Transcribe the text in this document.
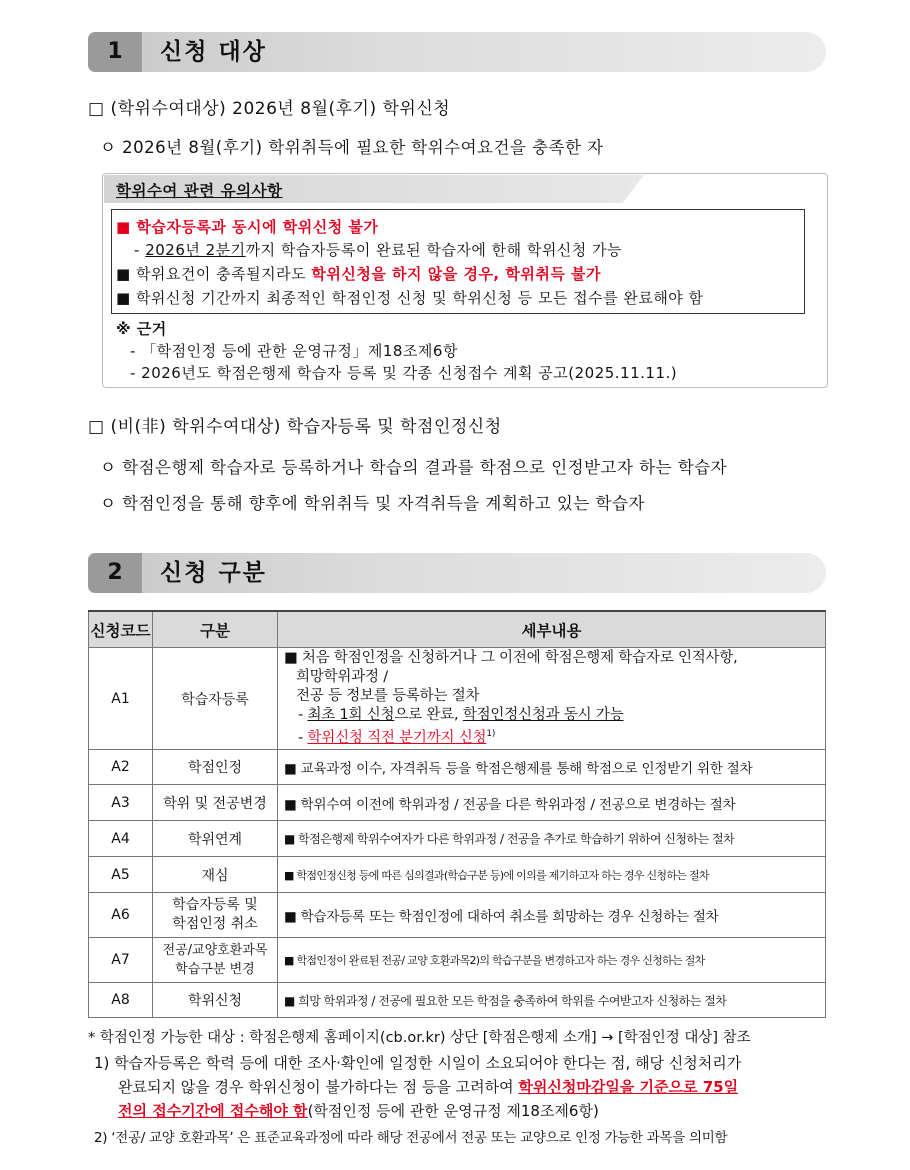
1	신청 대상
□ (학위수여대상) 2026년 8월(후기) 학위신청
ㅇ 2026년 8월(후기) 학위취득에 필요한 학위수여요건을 충족한 자
학위수여 관련 유의사항
■ 학습자등록과 동시에 학위신청 불가
- 2026년 2분기까지 학습자등록이 완료된 학습자에 한해 학위신청 가능
■ 학위요건이 충족될지라도 학위신청을 하지 않을 경우, 학위취득 불가
■ 학위신청 기간까지 최종적인 학점인정 신청 및 학위신청 등 모든 접수를 완료해야 함
※ 근거
- 「학점인정 등에 관한 운영규정」제18조제6항
- 2026년도 학점은행제 학습자 등록 및 각종 신청접수 계획 공고(2025.11.11.)
□ (비(非) 학위수여대상) 학습자등록 및 학점인정신청
ㅇ 학점은행제 학습자로 등록하거나 학습의 결과를 학점으로 인정받고자 하는 학습자
ㅇ 학점인정을 통해 향후에 학위취득 및 자격취득을 계획하고 있는 학습자
2	신청 구분
신청코드	구분	세부내용
A1	학습자등록	■ 처음 학점인정을 신청하거나 그 이전에 학점은행제 학습자로 인적사항,
희망학위과정 /
전공 등 정보를 등록하는 절차
- 최초 1회 신청으로 완료, 학점인정신청과 동시 가능
- 학위신청 직전 분기까지 신청$^{1)}$

A2	학점인정	■ 교육과정 이수, 자격취득 등을 학점은행제를 통해 학점으로 인정받기 위한 절차
A3	학위 및 전공변경	■ 학위수여 이전에 학위과정 / 전공을 다른 학위과정 / 전공으로 변경하는 절차
A4	학위연계	■ 학점은행제 학위수여자가 다른 학위과정 / 전공을 추가로 학습하기 위하여 신청하는 절차
A5	재심	■ 학점인정신청 등에 따른 심의결과(학습구분 등)에 이의를 제기하고자 하는 경우 신청하는 절차
A6	학습자등록 및
학점인정 취소	■ 학습자등록 또는 학점인정에 대하여 취소를 희망하는 경우 신청하는 절차
A7	전공/교양호환과목
학습구분 변경	■ 학점인정이 완료된 전공/ 교양 호환과목2)의 학습구분을 변경하고자 하는 경우 신청하는 절차
A8	학위신청	■ 희망 학위과정 / 전공에 필요한 모든 학점을 충족하여 학위를 수여받고자 신청하는 절차
* 학점인정 가능한 대상 : 학점은행제 홈페이지(cb.or.kr) 상단 [학점은행제 소개] → [학점인정 대상] 참조
1) 학습자등록은 학력 등에 대한 조사·확인에 일정한 시일이 소요되어야 한다는 점, 해당 신청처리가
완료되지 않을 경우 학위신청이 불가하다는 점 등을 고려하여 학위신청마감일을 기준으로 75일
전의 접수기간에 접수해야 함(학점인정 등에 관한 운영규정 제18조제6항)
2) ‘전공/ 교양 호환과목’ 은 표준교육과정에 따라 해당 전공에서 전공 또는 교양으로 인정 가능한 과목을 의미함
